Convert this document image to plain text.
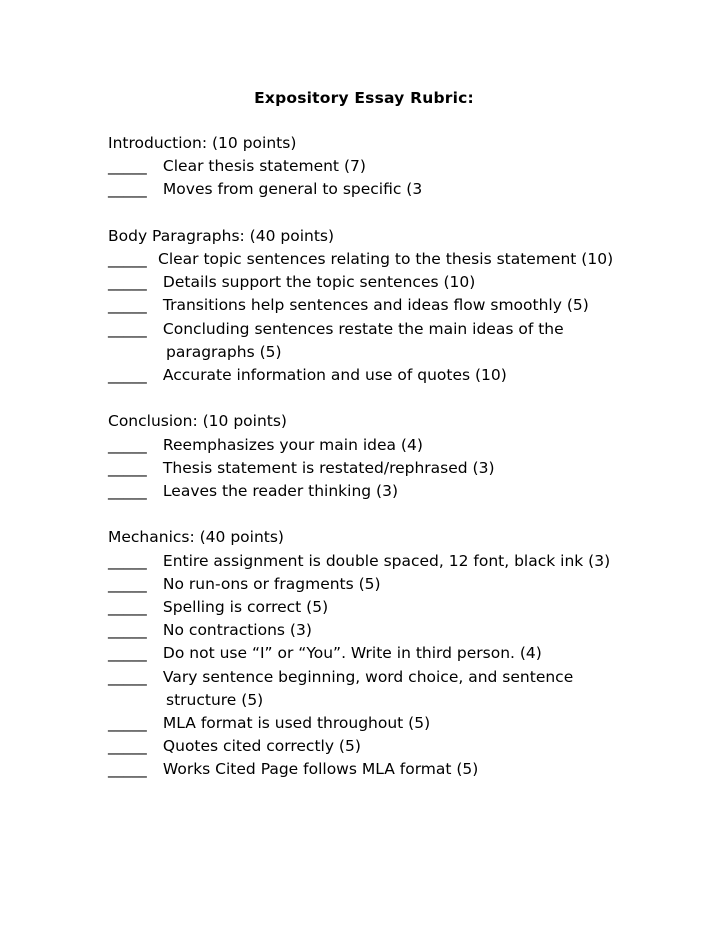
Expository Essay Rubric:
Introduction: (10 points)
_____ Clear thesis statement (7)
_____ Moves from general to specific (3
Body Paragraphs: (40 points)
_____ Clear topic sentences relating to the thesis statement (10)
_____ Details support the topic sentences (10)
_____ Transitions help sentences and ideas flow smoothly (5)
_____ Concluding sentences restate the main ideas of the
paragraphs (5)
_____ Accurate information and use of quotes (10)
Conclusion: (10 points)
_____ Reemphasizes your main idea (4)
_____ Thesis statement is restated/rephrased (3)
_____ Leaves the reader thinking (3)
Mechanics: (40 points)
_____ Entire assignment is double spaced, 12 font, black ink (3)
_____ No run-ons or fragments (5)
_____ Spelling is correct (5)
_____ No contractions (3)
_____ Do not use “I” or “You”. Write in third person. (4)
_____ Vary sentence beginning, word choice, and sentence
structure (5)
_____ MLA format is used throughout (5)
_____ Quotes cited correctly (5)
_____ Works Cited Page follows MLA format (5)
